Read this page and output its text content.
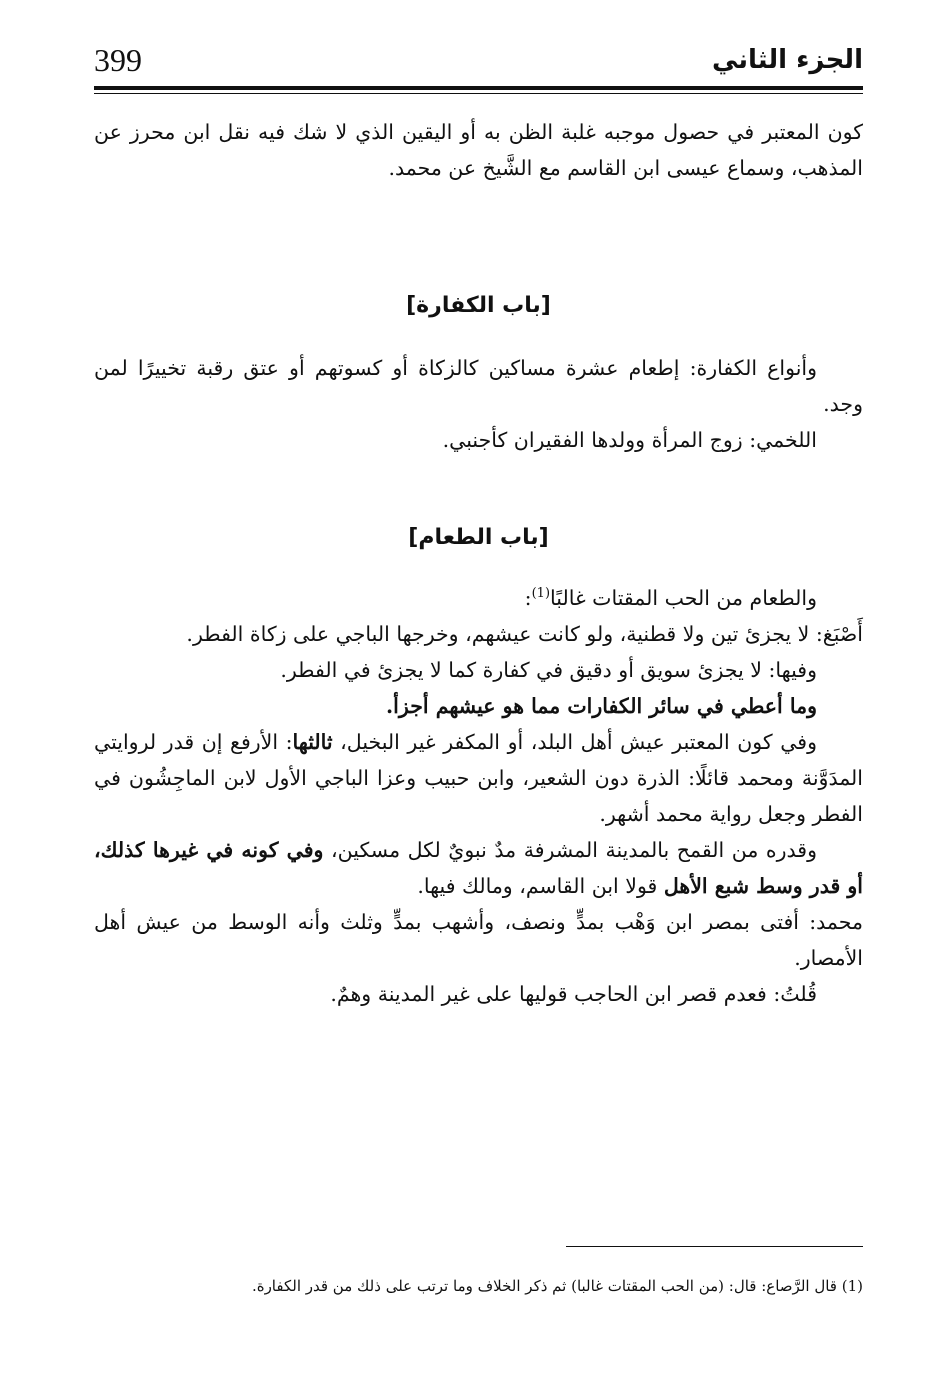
399	الجزء الثاني

كون المعتبر في حصول موجبه غلبة الظن به أو اليقين الذي لا شك فيه نقل ابن محرز عن المذهب، وسماع عيسى ابن القاسم مع الشَّيخ عن محمد.

[باب الكفارة]

وأنواع الكفارة: إطعام عشرة مساكين كالزكاة أو كسوتهم أو عتق رقبة تخييرًا لمن وجد.

اللخمي: زوج المرأة وولدها الفقيران كأجنبي.

[باب الطعام]

والطعام من الحب المقتات غالبًا$^{(1)}$:

أَصْبَغ: لا يجزئ تين ولا قطنية، ولو كانت عيشهم، وخرجها الباجي على زكاة الفطر.

وفيها: لا يجزئ سويق أو دقيق في كفارة كما لا يجزئ في الفطر.

وما أعطي في سائر الكفارات مما هو عيشهم أجزأ.

وفي كون المعتبر عيش أهل البلد، أو المكفر غير البخيل، ثالثها: الأرفع إن قدر لروايتي المدَوَّنة ومحمد قائلًا: الذرة دون الشعير، وابن حبيب وعزا الباجي الأول لابن الماجِشُون في الفطر وجعل رواية محمد أشهر.

وقدره من القمح بالمدينة المشرفة مدٌ نبويٌ لكل مسكين، وفي كونه في غيرها كذلك، أو قدر وسط شبع الأهل قولا ابن القاسم، ومالك فيها.

محمد: أفتى بمصر ابن وَهْب بمدٍّ ونصف، وأشهب بمدٍّ وثلث وأنه الوسط من عيش أهل الأمصار.

قُلتُ: فعدم قصر ابن الحاجب قوليها على غير المدينة وهمٌ.

(1) قال الرَّصاع: قال: (من الحب المقتات غالبا) ثم ذكر الخلاف وما ترتب على ذلك من قدر الكفارة.
